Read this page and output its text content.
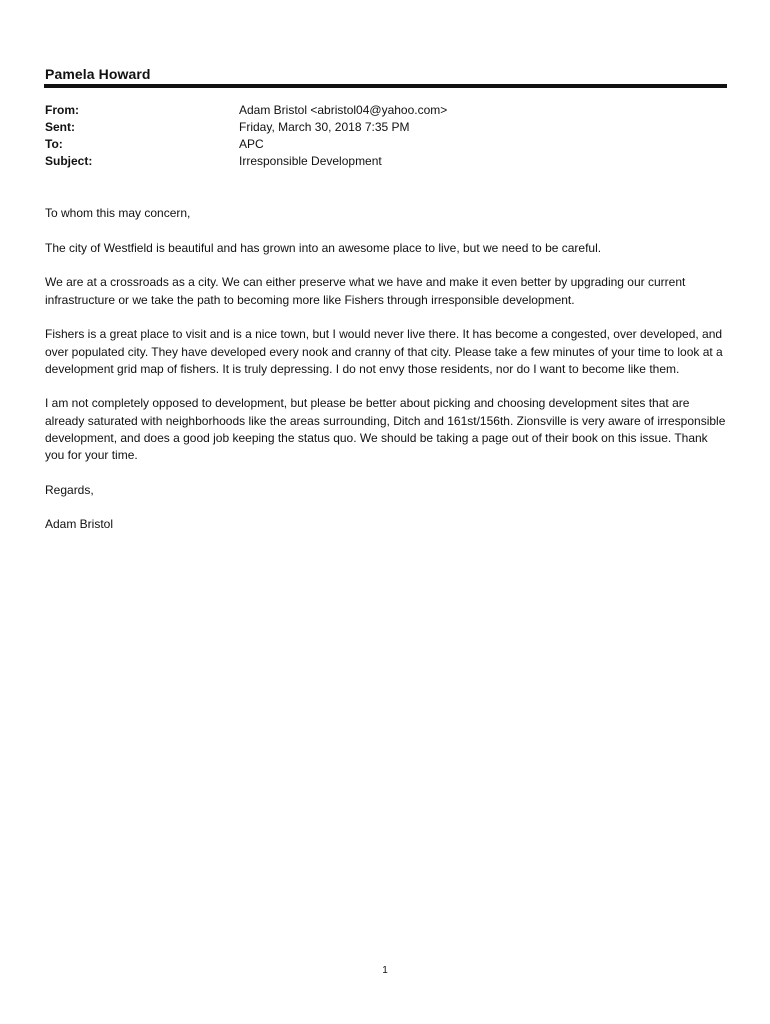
Pamela Howard
From:	Adam Bristol <abristol04@yahoo.com>
Sent:	Friday, March 30, 2018 7:35 PM
To:	APC
Subject:	Irresponsible Development

To whom this may concern,

The city of Westfield is beautiful and has grown into an awesome place to live, but we need to be careful.

We are at a crossroads as a city. We can either preserve what we have and make it even better by upgrading our current infrastructure or we take the path to becoming more like Fishers through irresponsible development.

Fishers is a great place to visit and is a nice town, but I would never live there. It has become a congested, over developed, and over populated city. They have developed every nook and cranny of that city. Please take a few minutes of your time to look at a development grid map of fishers. It is truly depressing. I do not envy those residents, nor do I want to become like them.

I am not completely opposed to development, but please be better about picking and choosing development sites that are already saturated with neighborhoods like the areas surrounding, Ditch and 161st/156th. Zionsville is very aware of irresponsible development, and does a good job keeping the status quo. We should be taking a page out of their book on this issue. Thank you for your time.

Regards,

Adam Bristol

1
